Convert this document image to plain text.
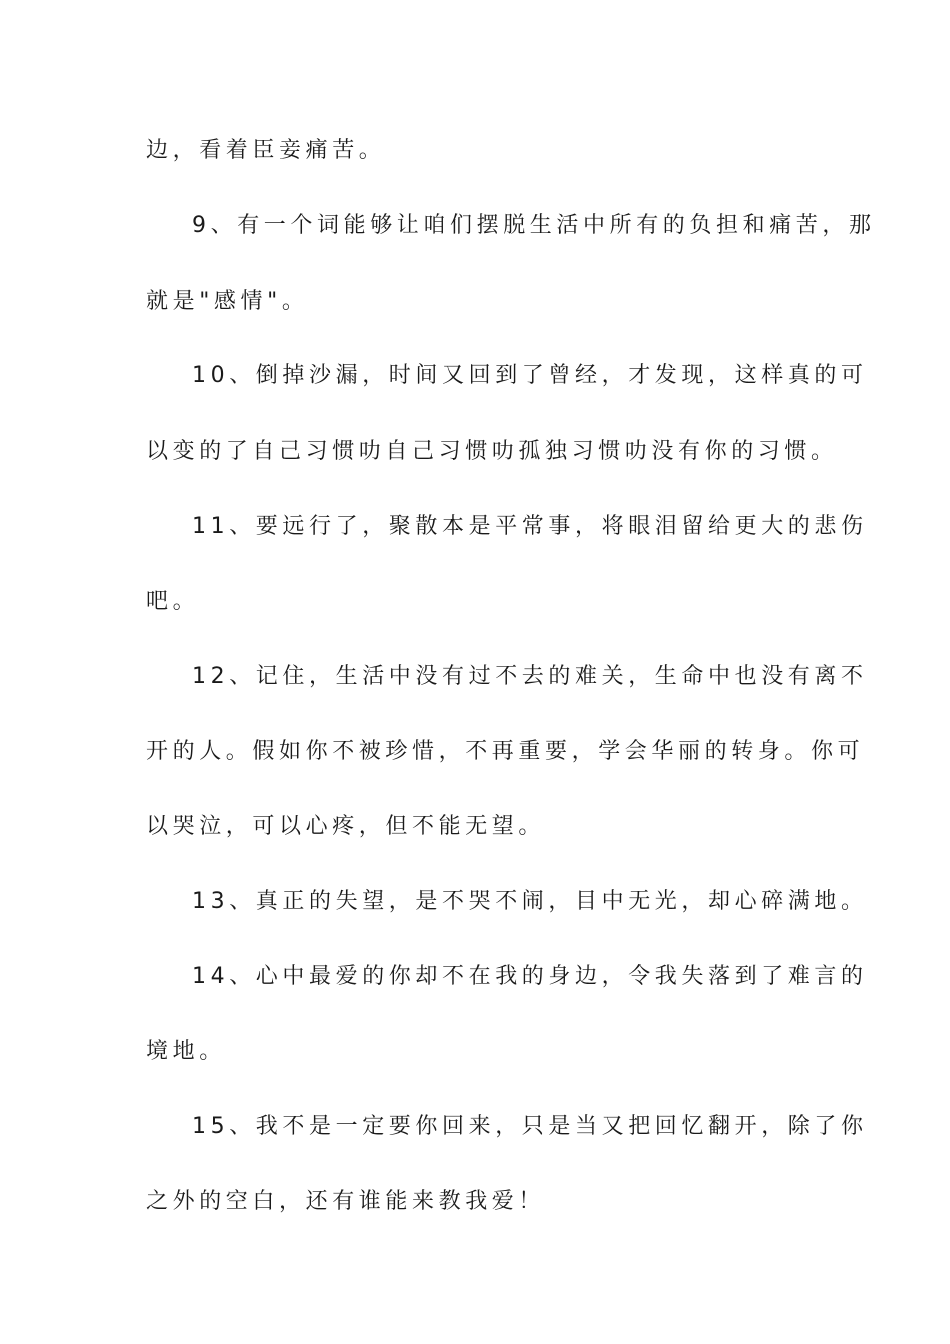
边，看着臣妾痛苦。
9、有一个词能够让咱们摆脱生活中所有的负担和痛苦，那
就是"感情"。
10、倒掉沙漏，时间又回到了曾经，才发现，这样真的可
以变的了自己习惯叻自己习惯叻孤独习惯叻没有你的习惯。
11、要远行了，聚散本是平常事，将眼泪留给更大的悲伤
吧。
12、记住，生活中没有过不去的难关，生命中也没有离不
开的人。假如你不被珍惜，不再重要，学会华丽的转身。你可
以哭泣，可以心疼，但不能无望。
13、真正的失望，是不哭不闹，目中无光，却心碎满地。
14、心中最爱的你却不在我的身边，令我失落到了难言的
境地。
15、我不是一定要你回来，只是当又把回忆翻开，除了你
之外的空白，还有谁能来教我爱！
